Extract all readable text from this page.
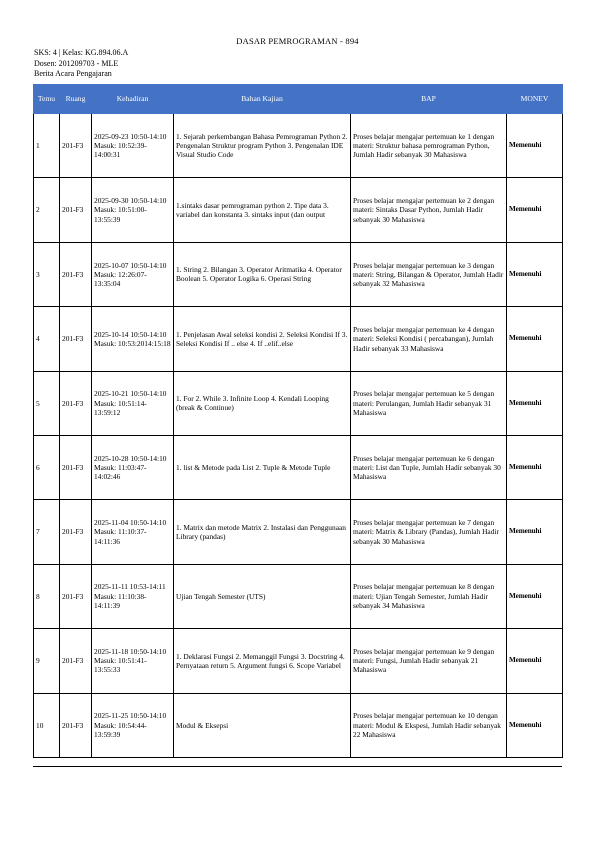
DASAR PEMROGRAMAN - 894
SKS: 4 | Kelas: KG.894.06.A
Dosen: 201209703 - MLE
Berita Acara Pengajaran
Temu	Ruang	Kehadiran	Bahan Kajian	BAP	MONEV
1	201-F3	2025-09-23 10:50-14:10 Masuk: 10:52:39-14:00:31	1. Sejarah perkembangan Bahasa Pemrograman Python 2. Pengenalan Struktur program Python 3. Pengenalan IDE Visual Studio Code	Proses belajar mengajar pertemuan ke 1 dengan materi: Struktur bahasa pemrograman Python, Jumlah Hadir sebanyak 30 Mahasiswa	Memenuhi
2	201-F3	2025-09-30 10:50-14:10 Masuk: 10:51:00-13:55:39	1.sintaks dasar pemrograman python 2. Tipe data 3. variabel dan konstanta 3. sintaks input (dan output	Proses belajar mengajar pertemuan ke 2 dengan materi: Sintaks Dasar Python, Jumlah Hadir sebanyak 30 Mahasiswa	Memenuhi
3	201-F3	2025-10-07 10:50-14:10 Masuk: 12:26:07-13:35:04	1. String 2. Bilangan 3. Operator Aritmatika 4. Operator Boolean 5. Operator Logika 6. Operasi String	Proses belajar mengajar pertemuan ke 3 dengan materi: String, Bilangan & Operator, Jumlah Hadir sebanyak 32 Mahasiswa	Memenuhi
4	201-F3	2025-10-14 10:50-14:10 Masuk: 10:53:2014:15:18	1. Penjelasan Awal seleksi kondisi 2. Seleksi Kondisi If 3. Seleksi Kondisi If .. else 4. If ..elif..else	Proses belajar mengajar pertemuan ke 4 dengan materi: Seleksi Kondisi ( percabangan), Jumlah Hadir sebanyak 33 Mahasiswa	Memenuhi
5	201-F3	2025-10-21 10:50-14:10 Masuk: 10:51:14-13:59:12	1. For 2. While 3. Infinite Loop 4. Kendali Looping (break & Continue)	Proses belajar mengajar pertemuan ke 5 dengan materi: Perulangan, Jumlah Hadir sebanyak 31 Mahasiswa	Memenuhi
6	201-F3	2025-10-28 10:50-14:10 Masuk: 11:03:47-14:02:46	1. list & Metode pada List 2. Tuple & Metode Tuple	Proses belajar mengajar pertemuan ke 6 dengan materi: List dan Tuple, Jumlah Hadir sebanyak 30 Mahasiswa	Memenuhi
7	201-F3	2025-11-04 10:50-14:10 Masuk: 11:10:37-14:11:36	1. Matrix dan metode Matrix 2. Instalasi dan Penggunaan Library (pandas)	Proses belajar mengajar pertemuan ke 7 dengan materi: Matrix & Library (Pandas), Jumlah Hadir sebanyak 30 Mahasiswa	Memenuhi
8	201-F3	2025-11-11 10:53-14:11 Masuk: 11:10:38-14:11:39	Ujian Tengah Semester (UTS)	Proses belajar mengajar pertemuan ke 8 dengan materi: Ujian Tengah Semester, Jumlah Hadir sebanyak 34 Mahasiswa	Memenuhi
9	201-F3	2025-11-18 10:50-14:10 Masuk: 10:51:41-13:55:33	1. Deklarasi Fungsi 2. Memanggil Fungsi 3. Docstring 4. Pernyataan return 5. Argument fungsi 6. Scope Variabel	Proses belajar mengajar pertemuan ke 9 dengan materi: Fungsi, Jumlah Hadir sebanyak 21 Mahasiswa	Memenuhi
10	201-F3	2025-11-25 10:50-14:10 Masuk: 10:54:44-13:59:39	Modul & Eksepsi	Proses belajar mengajar pertemuan ke 10 dengan materi: Modul & Ekspesi, Jumlah Hadir sebanyak 22 Mahasiswa	Memenuhi
